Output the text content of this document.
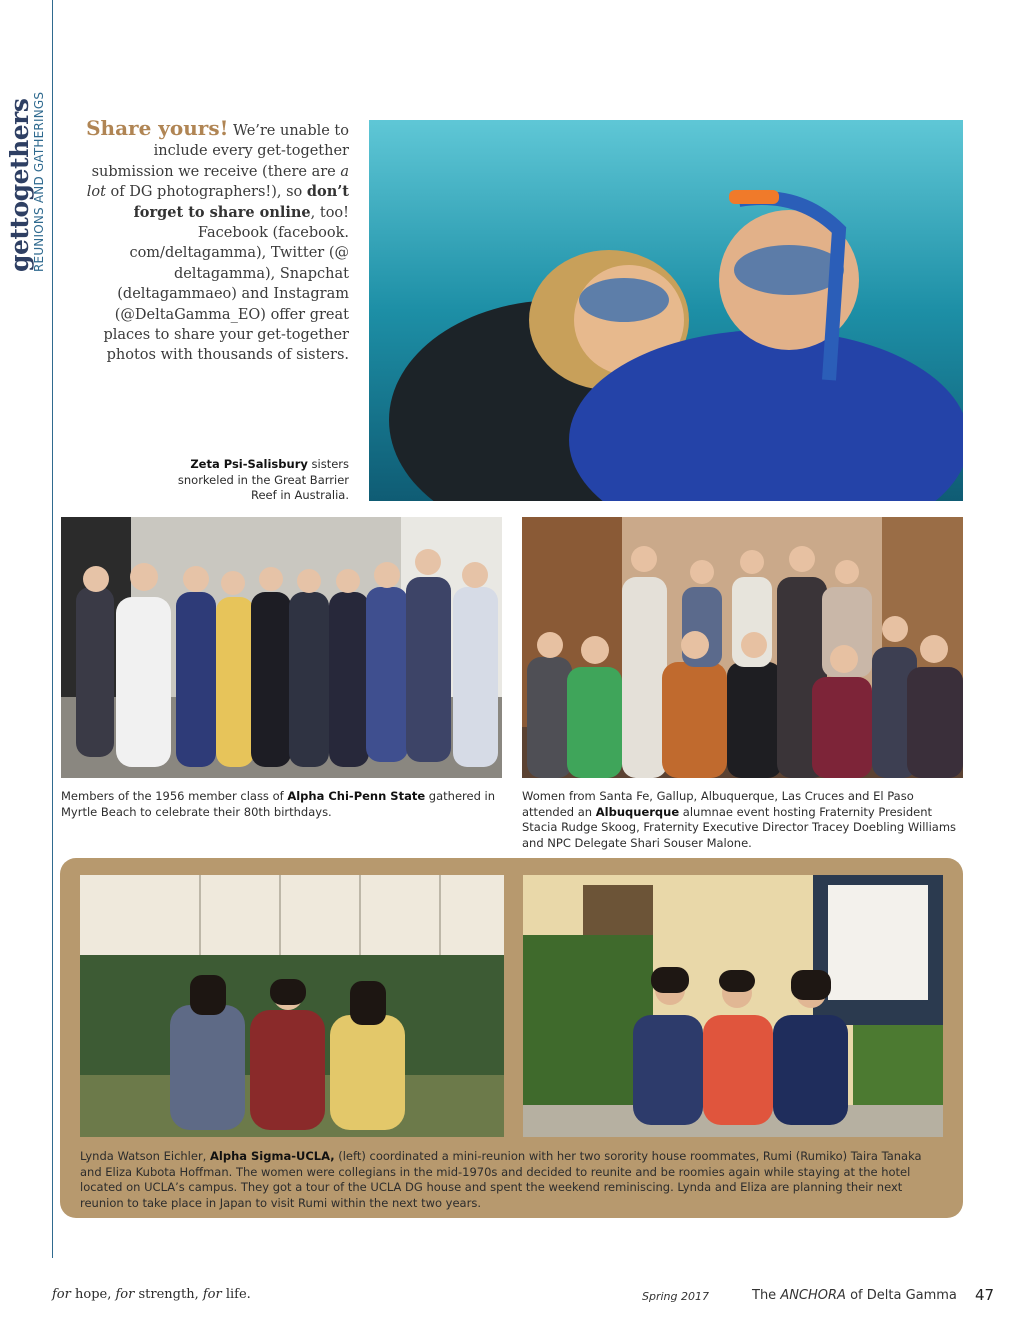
gettogethers
REUNIONS AND GATHERINGS	Share yours! We’re unable to include every get-together submission we receive (there are a lot of DG photographers!), so don’t forget to share online, too! Facebook (facebook. com/deltagamma), Twitter (@ deltagamma), Snapchat (deltagammaeo) and Instagram (@DeltaGamma_EO) offer great places to share your get-together photos with thousands of sisters.
Zeta Psi-Salisbury sisters snorkeled in the Great Barrier Reef in Australia.
Members of the 1956 member class of Alpha Chi-Penn State gathered in Myrtle Beach to celebrate their 80th birthdays.
Women from Santa Fe, Gallup, Albuquerque, Las Cruces and El Paso attended an Albuquerque alumnae event hosting Fraternity President Stacia Rudge Skoog, Fraternity Executive Director Tracey Doebling Williams and NPC Delegate Shari Souser Malone.
Lynda Watson Eichler, Alpha Sigma-UCLA, (left) coordinated a mini-reunion with her two sorority house roommates, Rumi (Rumiko) Taira Tanaka and Eliza Kubota Hoffman. The women were collegians in the mid-1970s and decided to reunite and be roomies again while staying at the hotel located on UCLA’s campus. They got a tour of the UCLA DG house and spent the weekend reminiscing. Lynda and Eliza are planning their next reunion to take place in Japan to visit Rumi within the next two years.
for hope, for strength, for life.	Spring 2017	The ANCHORA of Delta Gamma 47
